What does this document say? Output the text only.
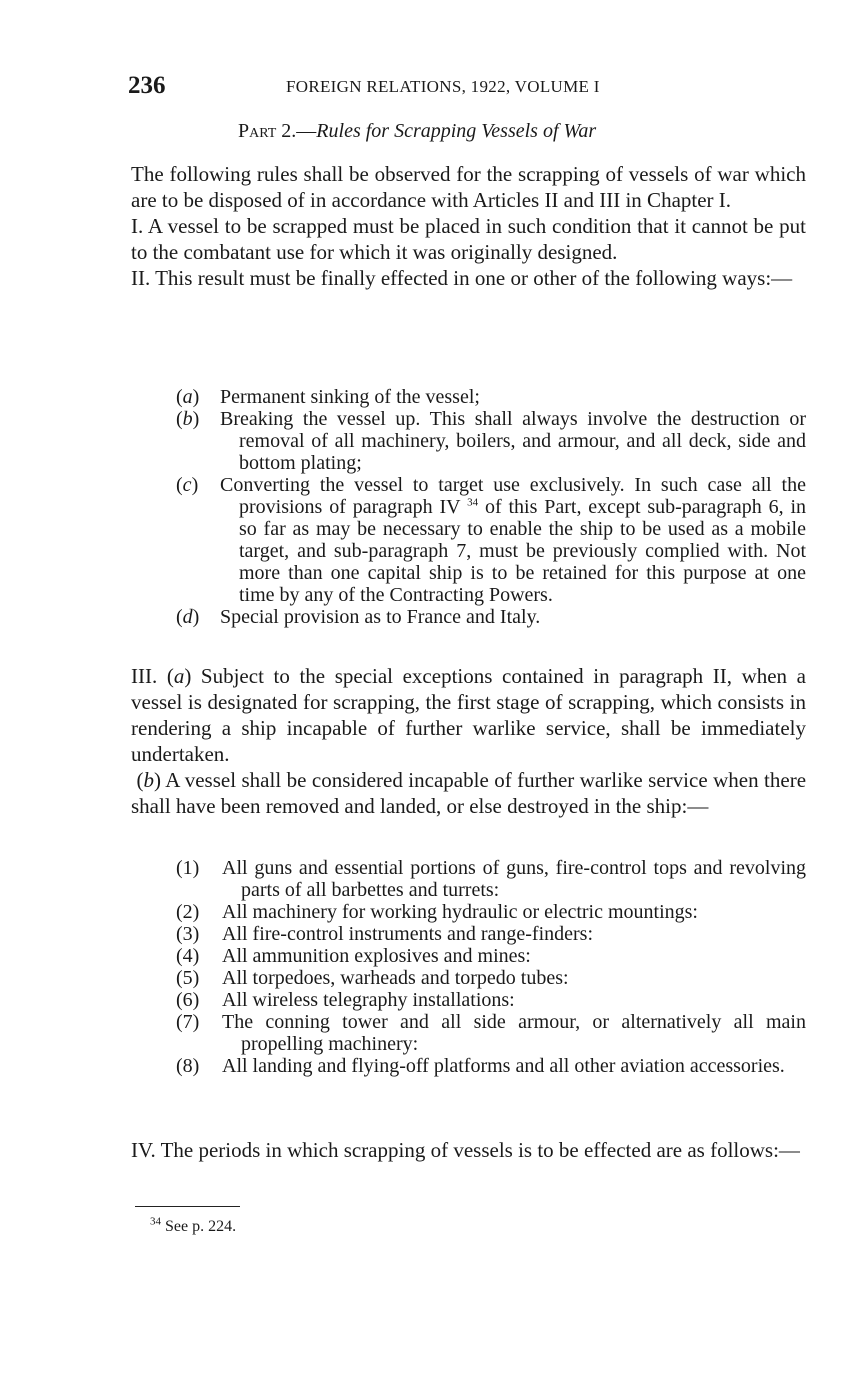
236	FOREIGN RELATIONS, 1922, VOLUME I
Part 2.—Rules for Scrapping Vessels of War

The following rules shall be observed for the scrapping of vessels of war which are to be disposed of in accordance with Articles II and III in Chapter I.

I. A vessel to be scrapped must be placed in such condition that it cannot be put to the combatant use for which it was originally designed.

II. This result must be finally effected in one or other of the following ways:—

(a)	Permanent sinking of the vessel;
(b)	Breaking the vessel up. This shall always involve the destruction or removal of all machinery, boilers, and armour, and all deck, side and bottom plating;
(c)	Converting the vessel to target use exclusively. In such case all the provisions of paragraph IV $^{34}$ of this Part, except sub-paragraph 6, in so far as may be necessary to enable the ship to be used as a mobile target, and sub-paragraph 7, must be previously complied with. Not more than one capital ship is to be retained for this purpose at one time by any of the Contracting Powers.
(d)	Special provision as to France and Italy.

III. (a) Subject to the special exceptions contained in paragraph II, when a vessel is designated for scrapping, the first stage of scrapping, which consists in rendering a ship incapable of further warlike service, shall be immediately undertaken.

(b) A vessel shall be considered incapable of further warlike service when there shall have been removed and landed, or else destroyed in the ship:—

(1)	All guns and essential portions of guns, fire-control tops and revolving parts of all barbettes and turrets:
(2)	All machinery for working hydraulic or electric mountings:
(3)	All fire-control instruments and range-finders:
(4)	All ammunition explosives and mines:
(5)	All torpedoes, warheads and torpedo tubes:
(6)	All wireless telegraphy installations:
(7)	The conning tower and all side armour, or alternatively all main propelling machinery:
(8)	All landing and flying-off platforms and all other aviation accessories.

IV. The periods in which scrapping of vessels is to be effected are as follows:—

$^{34}$ See p. 224.
